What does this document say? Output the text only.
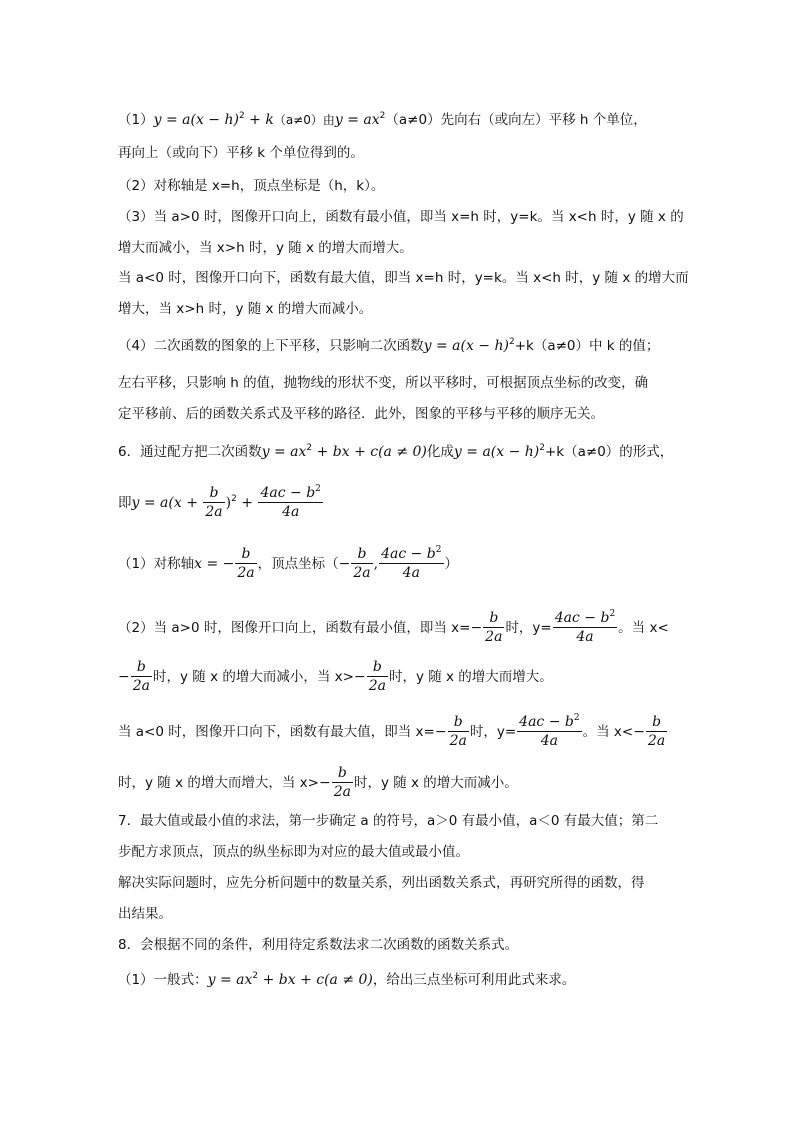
$(1)y = a(x - h)^2 + k(a\ne 0)$由$y = ax^2(a\ne 0)$先向右（或向左）平移 h 个单位，
再向上（或向下）平移 k 个单位得到的。
（2）对称轴是 x=h，顶点坐标是（h，k）。
（3）当 a>0 时，图像开口向上，函数有最小值，即当 x=h 时，y=k。当 x<h 时，y 随 x 的
增大而减小，当 x>h 时，y 随 x 的增大而增大。
当 a<0 时，图像开口向下，函数有最大值，即当 x=h 时，y=k。当 x<h 时，y 随 x 的增大而
增大，当 x>h 时，y 随 x 的增大而减小。
（4）二次函数的图象的上下平移，只影响二次函数$y = a(x - h)^2+k(a\ne 0)$中 k 的值；
左右平移，只影响 h 的值，抛物线的形状不变，所以平移时，可根据顶点坐标的改变，确
定平移前、后的函数关系式及平移的路径．此外，图象的平移与平移的顺序无关。
6．通过配方把二次函数$y = ax^2$ + bx + c(a ≠ 0)化成$y = a(x - h)^2+k(a\ne 0)$的形式，
即$y = a(x + \frac{b}{2a} )^2 + \frac{4ac - b^2}{4a}$
（1）对称轴x = − $\frac{b}{2a}$ ，顶点坐标（− $\frac{b}{2a}$ , $\frac{4ac - b^2}{4a}$ ）
（2）当 a>0 时，图像开口向上，函数有最小值，即当 $x=- \frac{b}{2a}$ 时，$y= \frac{4ac - b^2}{4a}$ 。当 x<
− $\frac{b}{2a}$ 时，y 随 x 的增大而减小，当 $x>- \frac{b}{2a}$ 时，y 随 x 的增大而增大。
当 a<0 时，图像开口向下，函数有最大值，即当 $x=- \frac{b}{2a}$ 时，$y= \frac{4ac - b^2}{4a}$ 。当 $x<- \frac{b}{2a}$
时，y 随 x 的增大而增大，当 $x>- \frac{b}{2a}$ 时，y 随 x 的增大而减小。
7．最大值或最小值的求法，第一步确定 a 的符号，a＞0 有最小值，a＜0 有最大值；第二
步配方求顶点，顶点的纵坐标即为对应的最大值或最小值。
解决实际问题时，应先分析问题中的数量关系，列出函数关系式，再研究所得的函数，得
出结果。
8．会根据不同的条件，利用待定系数法求二次函数的函数关系式。
（1）一般式：$y = ax^2$ + bx + c(a ≠ 0)，给出三点坐标可利用此式来求。
